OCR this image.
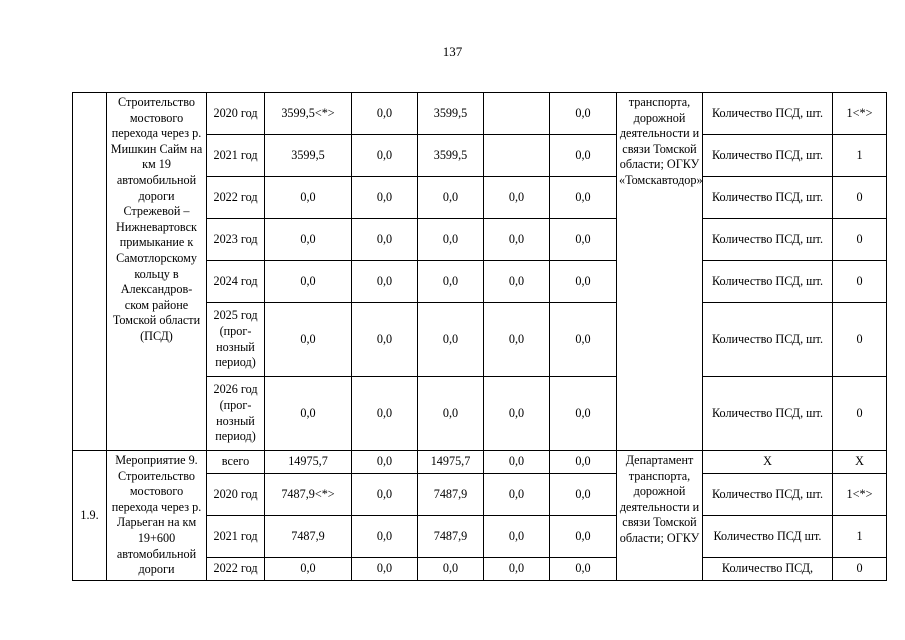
137
	Строительство мостового перехода через р. Мишкин Сайм на км 19 автомобильной дороги Стрежевой – Нижневартовск примыкание к Самотлорскому кольцу в Александров-ском районе Томской области (ПСД)	2020 год	3599,5<*>	0,0	3599,5		0,0	транспорта, дорожной деятельности и связи Томской области; ОГКУ «Томскавтодор»	Количество ПСД, шт.	1<*>
		2021 год	3599,5	0,0	3599,5		0,0		Количество ПСД, шт.	1
		2022 год	0,0	0,0	0,0	0,0	0,0		Количество ПСД, шт.	0
		2023 год	0,0	0,0	0,0	0,0	0,0		Количество ПСД, шт.	0
		2024 год	0,0	0,0	0,0	0,0	0,0		Количество ПСД, шт.	0
		2025 год (прог-нозный период)	0,0	0,0	0,0	0,0	0,0		Количество ПСД, шт.	0
		2026 год (прог-нозный период)	0,0	0,0	0,0	0,0	0,0		Количество ПСД, шт.	0
1.9.	Мероприятие 9. Строительство мостового перехода через р. Ларьеган на км 19+600 автомобильной дороги	всего	14975,7	0,0	14975,7	0,0	0,0	Департамент транспорта, дорожной деятельности и связи Томской области; ОГКУ	Х	Х
		2020 год	7487,9<*>	0,0	7487,9	0,0	0,0		Количество ПСД, шт.	1<*>
		2021 год	7487,9	0,0	7487,9	0,0	0,0		Количество ПСД шт.	1
		2022 год	0,0	0,0	0,0	0,0	0,0		Количество ПСД,	0
